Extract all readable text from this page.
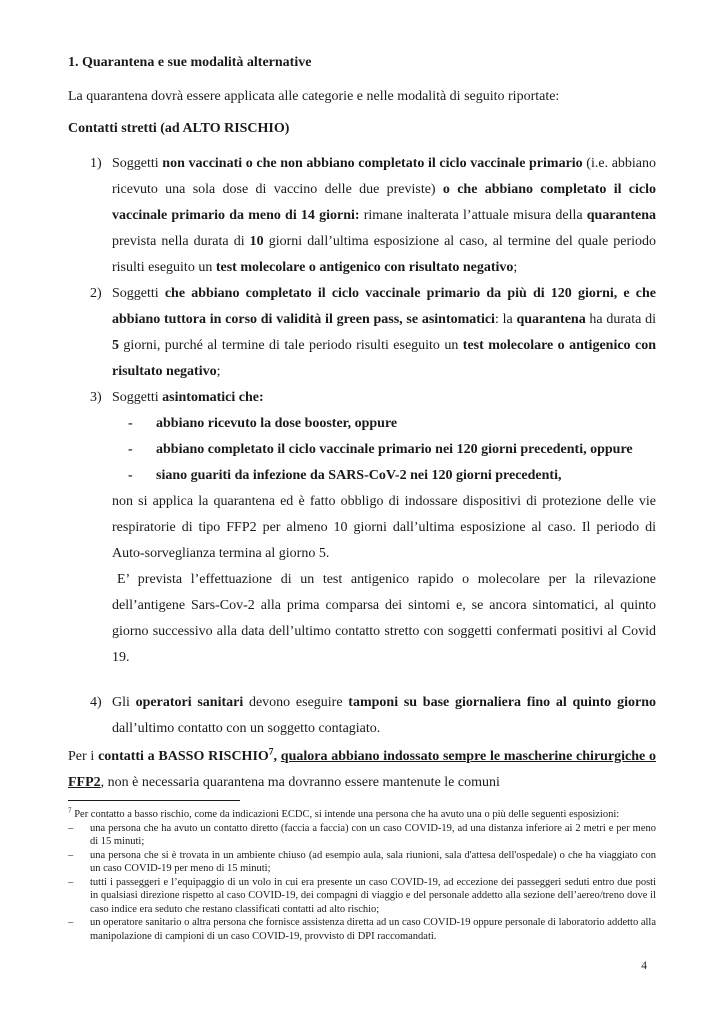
1. Quarantena e sue modalità alternative

La quarantena dovrà essere applicata alle categorie e nelle modalità di seguito riportate:

Contatti stretti (ad ALTO RISCHIO)

1) Soggetti non vaccinati o che non abbiano completato il ciclo vaccinale primario (i.e. abbiano ricevuto una sola dose di vaccino delle due previste) o che abbiano completato il ciclo vaccinale primario da meno di 14 giorni: rimane inalterata l’attuale misura della quarantena prevista nella durata di 10 giorni dall’ultima esposizione al caso, al termine del quale periodo risulti eseguito un test molecolare o antigenico con risultato negativo;
2) Soggetti che abbiano completato il ciclo vaccinale primario da più di 120 giorni, e che abbiano tuttora in corso di validità il green pass, se asintomatici: la quarantena ha durata di 5 giorni, purché al termine di tale periodo risulti eseguito un test molecolare o antigenico con risultato negativo;
3) Soggetti asintomatici che:
- abbiano ricevuto la dose booster, oppure
- abbiano completato il ciclo vaccinale primario nei 120 giorni precedenti, oppure
- siano guariti da infezione da SARS-CoV-2 nei 120 giorni precedenti,
non si applica la quarantena ed è fatto obbligo di indossare dispositivi di protezione delle vie respiratorie di tipo FFP2 per almeno 10 giorni dall’ultima esposizione al caso. Il periodo di Auto-sorveglianza termina al giorno 5.
E’ prevista l’effettuazione di un test antigenico rapido o molecolare per la rilevazione dell’antigene Sars-Cov-2 alla prima comparsa dei sintomi e, se ancora sintomatici, al quinto giorno successivo alla data dell’ultimo contatto stretto con soggetti confermati positivi al Covid 19.
4) Gli operatori sanitari devono eseguire tamponi su base giornaliera fino al quinto giorno dall’ultimo contatto con un soggetto contagiato.
Per i contatti a BASSO RISCHIO$^7$, qualora abbiano indossato sempre le mascherine chirurgiche o FFP2, non è necessaria quarantena ma dovranno essere mantenute le comuni
$^7$ Per contatto a basso rischio, come da indicazioni ECDC, si intende una persona che ha avuto una o più delle seguenti esposizioni:
– una persona che ha avuto un contatto diretto (faccia a faccia) con un caso COVID-19, ad una distanza inferiore ai 2 metri e per meno di 15 minuti;
– una persona che si è trovata in un ambiente chiuso (ad esempio aula, sala riunioni, sala d'attesa dell'ospedale) o che ha viaggiato con un caso COVID-19 per meno di 15 minuti;
– tutti i passeggeri e l’equipaggio di un volo in cui era presente un caso COVID-19, ad eccezione dei passeggeri seduti entro due posti in qualsiasi direzione rispetto al caso COVID-19, dei compagni di viaggio e del personale addetto alla sezione dell’aereo/treno dove il caso indice era seduto che restano classificati contatti ad alto rischio;
– un operatore sanitario o altra persona che fornisce assistenza diretta ad un caso COVID-19 oppure personale di laboratorio addetto alla manipolazione di campioni di un caso COVID-19, provvisto di DPI raccomandati.
4
